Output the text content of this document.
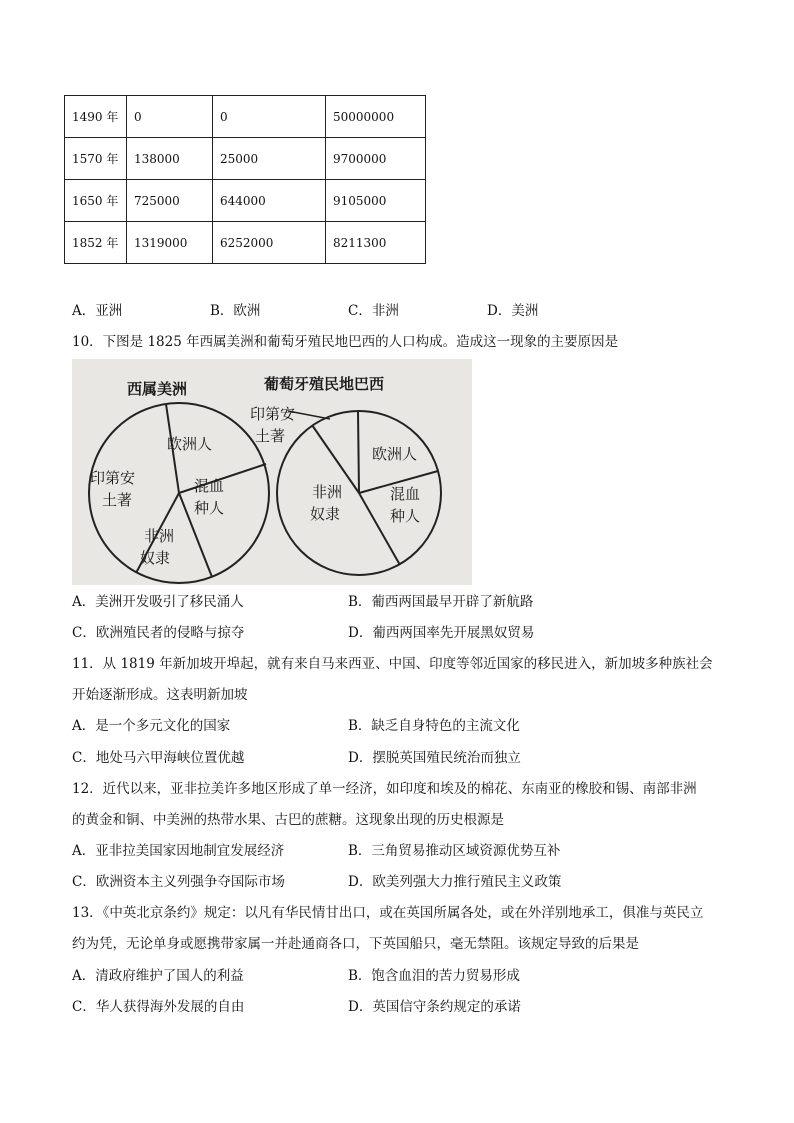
1490 年	0	0	50000000
1570 年	138000	25000	9700000
1650 年	725000	644000	9105000
1852 年	1319000	6252000	8211300
A．亚洲	B．欧洲	C．非洲	D．美洲
10．下图是 1825 年西属美洲和葡萄牙殖民地巴西的人口构成。造成这一现象的主要原因是
西属美洲
欧洲人
混血
种人
非洲
奴隶
印第安
土著
葡萄牙殖民地巴西
印第安
土著
欧洲人
混血
种人
非洲
奴隶
A．美洲开发吸引了移民涌人	B．葡西两国最早开辟了新航路
C．欧洲殖民者的侵略与掠夺	D．葡西两国率先开展黑奴贸易
11．从 1819 年新加坡开埠起，就有来自马来西亚、中国、印度等邻近国家的移民进入，新加坡多种族社会
开始逐渐形成。这表明新加坡
A．是一个多元文化的国家	B．缺乏自身特色的主流文化
C．地处马六甲海峡位置优越	D．摆脱英国殖民统治而独立
12．近代以来，亚非拉美许多地区形成了单一经济，如印度和埃及的棉花、东南亚的橡胶和锡、南部非洲
的黄金和铜、中美洲的热带水果、古巴的蔗糖。这现象出现的历史根源是
A．亚非拉美国家因地制宜发展经济	B．三角贸易推动区域资源优势互补
C．欧洲资本主义列强争夺国际市场	D．欧美列强大力推行殖民主义政策
13．《中英北京条约》规定：以凡有华民情甘出口，或在英国所属各处，或在外洋别地承工，俱准与英民立
约为凭，无论单身或愿携带家属一并赴通商各口，下英国船只，毫无禁阻。该规定导致的后果是
A．清政府维护了国人的利益	B．饱含血泪的苦力贸易形成
C．华人获得海外发展的自由	D．英国信守条约规定的承诺
